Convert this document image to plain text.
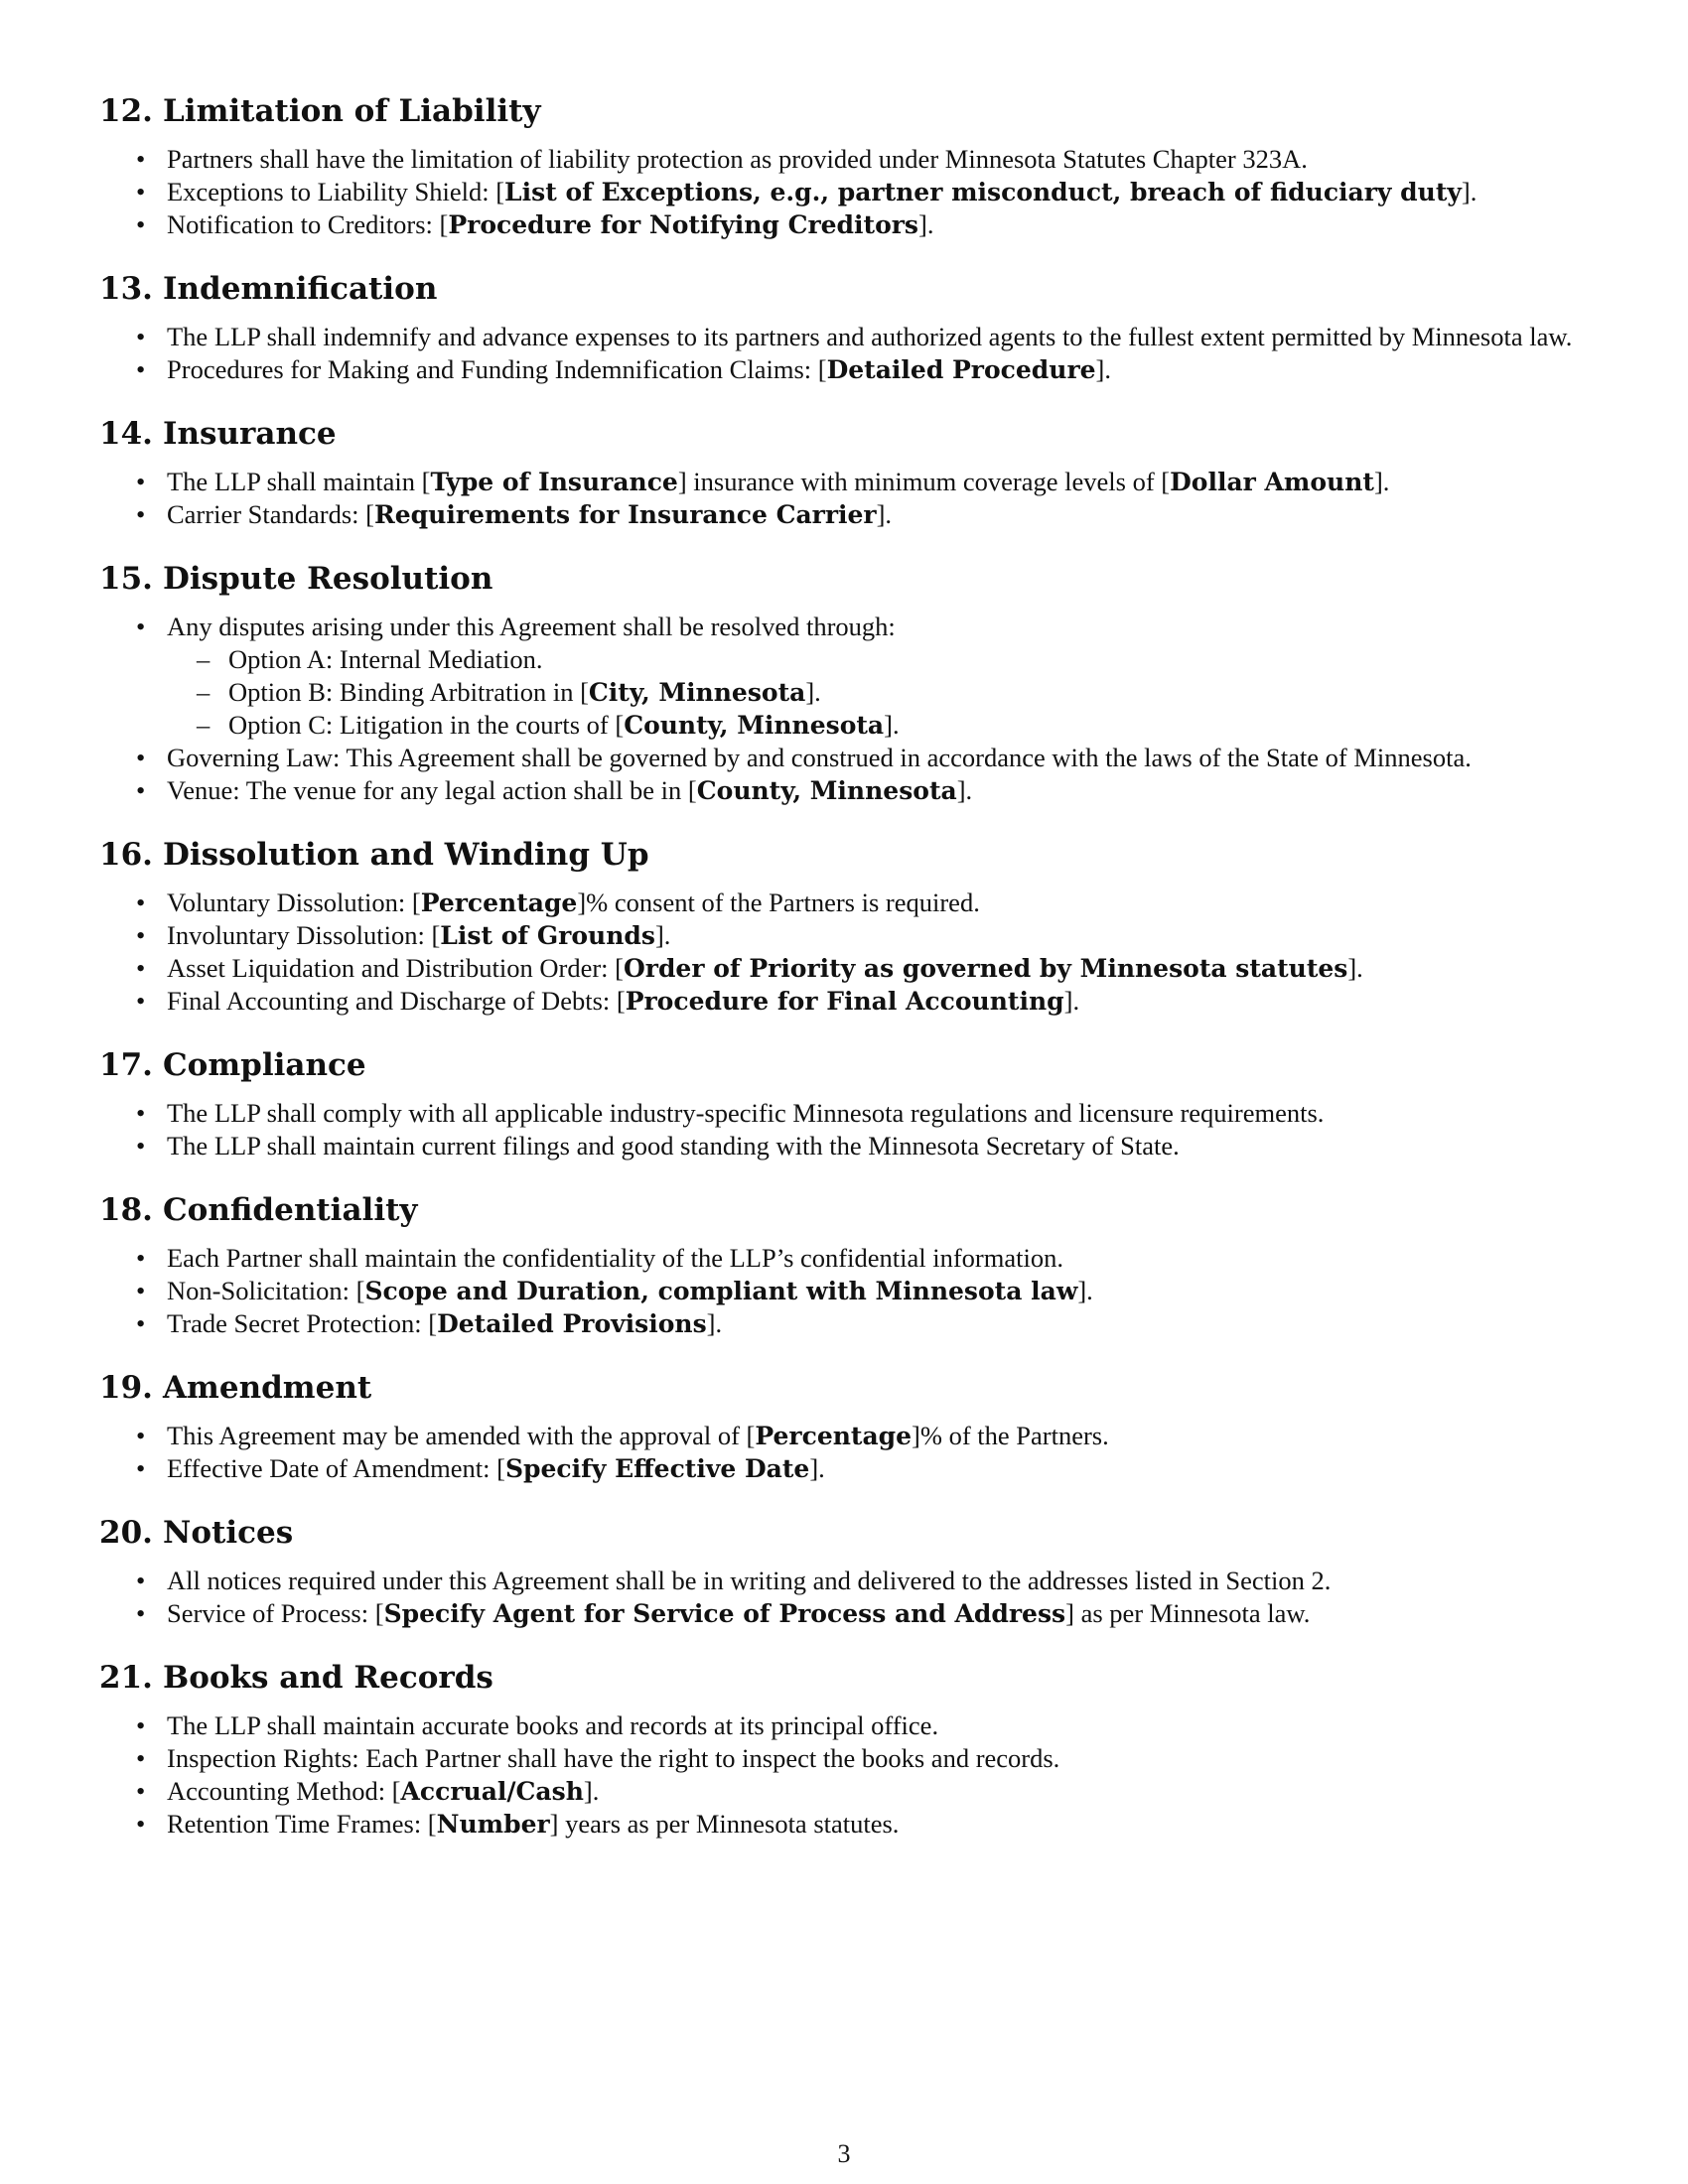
12. Limitation of Liability
• Partners shall have the limitation of liability protection as provided under Minnesota Statutes Chapter 323A.
• Exceptions to Liability Shield: [List of Exceptions, e.g., partner misconduct, breach of fiduciary duty].
• Notification to Creditors: [Procedure for Notifying Creditors].
13. Indemnification
• The LLP shall indemnify and advance expenses to its partners and authorized agents to the fullest extent permitted by Minnesota law.
• Procedures for Making and Funding Indemnification Claims: [Detailed Procedure].
14. Insurance
• The LLP shall maintain [Type of Insurance] insurance with minimum coverage levels of [Dollar Amount].
• Carrier Standards: [Requirements for Insurance Carrier].
15. Dispute Resolution
• Any disputes arising under this Agreement shall be resolved through:
– Option A: Internal Mediation.
– Option B: Binding Arbitration in [City, Minnesota].
– Option C: Litigation in the courts of [County, Minnesota].
• Governing Law: This Agreement shall be governed by and construed in accordance with the laws of the State of Minnesota.
• Venue: The venue for any legal action shall be in [County, Minnesota].
16. Dissolution and Winding Up
• Voluntary Dissolution: [Percentage]% consent of the Partners is required.
• Involuntary Dissolution: [List of Grounds].
• Asset Liquidation and Distribution Order: [Order of Priority as governed by Minnesota statutes].
• Final Accounting and Discharge of Debts: [Procedure for Final Accounting].
17. Compliance
• The LLP shall comply with all applicable industry-specific Minnesota regulations and licensure requirements.
• The LLP shall maintain current filings and good standing with the Minnesota Secretary of State.
18. Confidentiality
• Each Partner shall maintain the confidentiality of the LLP’s confidential information.
• Non-Solicitation: [Scope and Duration, compliant with Minnesota law].
• Trade Secret Protection: [Detailed Provisions].
19. Amendment
• This Agreement may be amended with the approval of [Percentage]% of the Partners.
• Effective Date of Amendment: [Specify Effective Date].
20. Notices
• All notices required under this Agreement shall be in writing and delivered to the addresses listed in Section 2.
• Service of Process: [Specify Agent for Service of Process and Address] as per Minnesota law.
21. Books and Records
• The LLP shall maintain accurate books and records at its principal office.
• Inspection Rights: Each Partner shall have the right to inspect the books and records.
• Accounting Method: [Accrual/Cash].
• Retention Time Frames: [Number] years as per Minnesota statutes.
3
